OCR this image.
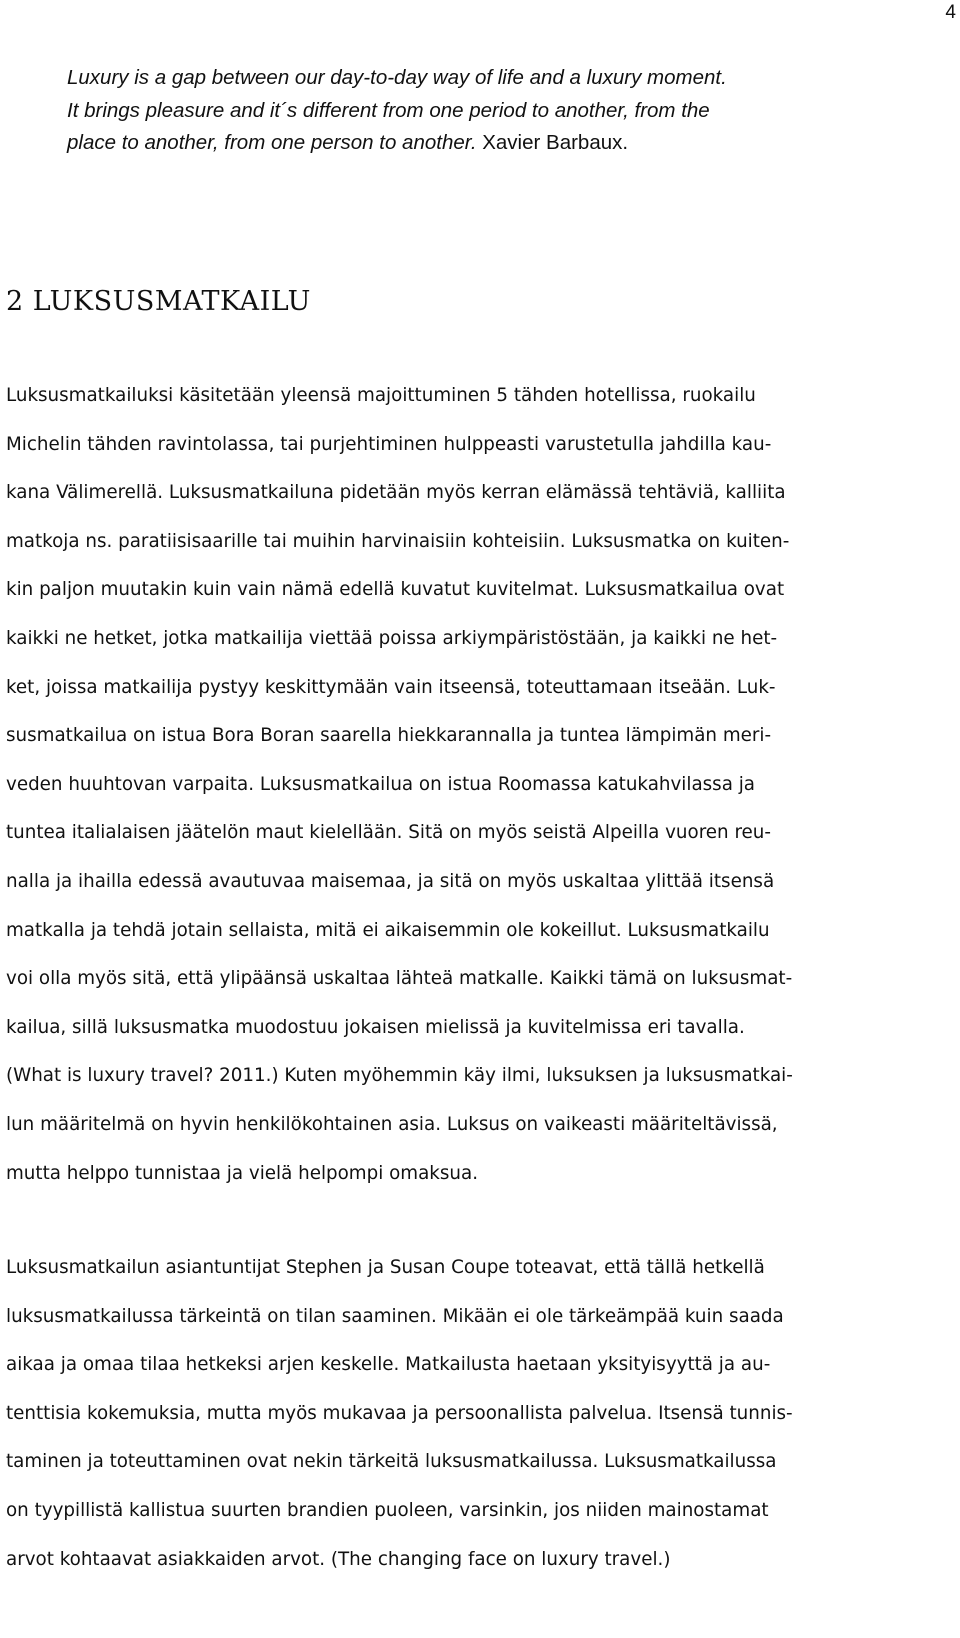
4
Luxury is a gap between our day-to-day way of life and a luxury moment.
It brings pleasure and it´s different from one period to another, from the
place to another, from one person to another. Xavier Barbaux.
2 LUKSUSMATKAILU

Luksusmatkailuksi käsitetään yleensä majoittuminen 5 tähden hotellissa, ruokailu
Michelin tähden ravintolassa, tai purjehtiminen hulppeasti varustetulla jahdilla kau-
kana Välimerellä. Luksusmatkailuna pidetään myös kerran elämässä tehtäviä, kalliita
matkoja ns. paratiisisaarille tai muihin harvinaisiin kohteisiin. Luksusmatka on kuiten-
kin paljon muutakin kuin vain nämä edellä kuvatut kuvitelmat. Luksusmatkailua ovat
kaikki ne hetket, jotka matkailija viettää poissa arkiympäristöstään, ja kaikki ne het-
ket, joissa matkailija pystyy keskittymään vain itseensä, toteuttamaan itseään. Luk-
susmatkailua on istua Bora Boran saarella hiekkarannalla ja tuntea lämpimän meri-
veden huuhtovan varpaita. Luksusmatkailua on istua Roomassa katukahvilassa ja
tuntea italialaisen jäätelön maut kielellään. Sitä on myös seistä Alpeilla vuoren reu-
nalla ja ihailla edessä avautuvaa maisemaa, ja sitä on myös uskaltaa ylittää itsensä
matkalla ja tehdä jotain sellaista, mitä ei aikaisemmin ole kokeillut. Luksusmatkailu
voi olla myös sitä, että ylipäänsä uskaltaa lähteä matkalle. Kaikki tämä on luksusmat-
kailua, sillä luksusmatka muodostuu jokaisen mielissä ja kuvitelmissa eri tavalla.
(What is luxury travel? 2011.) Kuten myöhemmin käy ilmi, luksuksen ja luksusmatkai-
lun määritelmä on hyvin henkilökohtainen asia. Luksus on vaikeasti määriteltävissä,
mutta helppo tunnistaa ja vielä helpompi omaksua.

Luksusmatkailun asiantuntijat Stephen ja Susan Coupe toteavat, että tällä hetkellä
luksusmatkailussa tärkeintä on tilan saaminen. Mikään ei ole tärkeämpää kuin saada
aikaa ja omaa tilaa hetkeksi arjen keskelle. Matkailusta haetaan yksityisyyttä ja au-
tenttisia kokemuksia, mutta myös mukavaa ja persoonallista palvelua. Itsensä tunnis-
taminen ja toteuttaminen ovat nekin tärkeitä luksusmatkailussa. Luksusmatkailussa
on tyypillistä kallistua suurten brandien puoleen, varsinkin, jos niiden mainostamat
arvot kohtaavat asiakkaiden arvot. (The changing face on luxury travel.)
